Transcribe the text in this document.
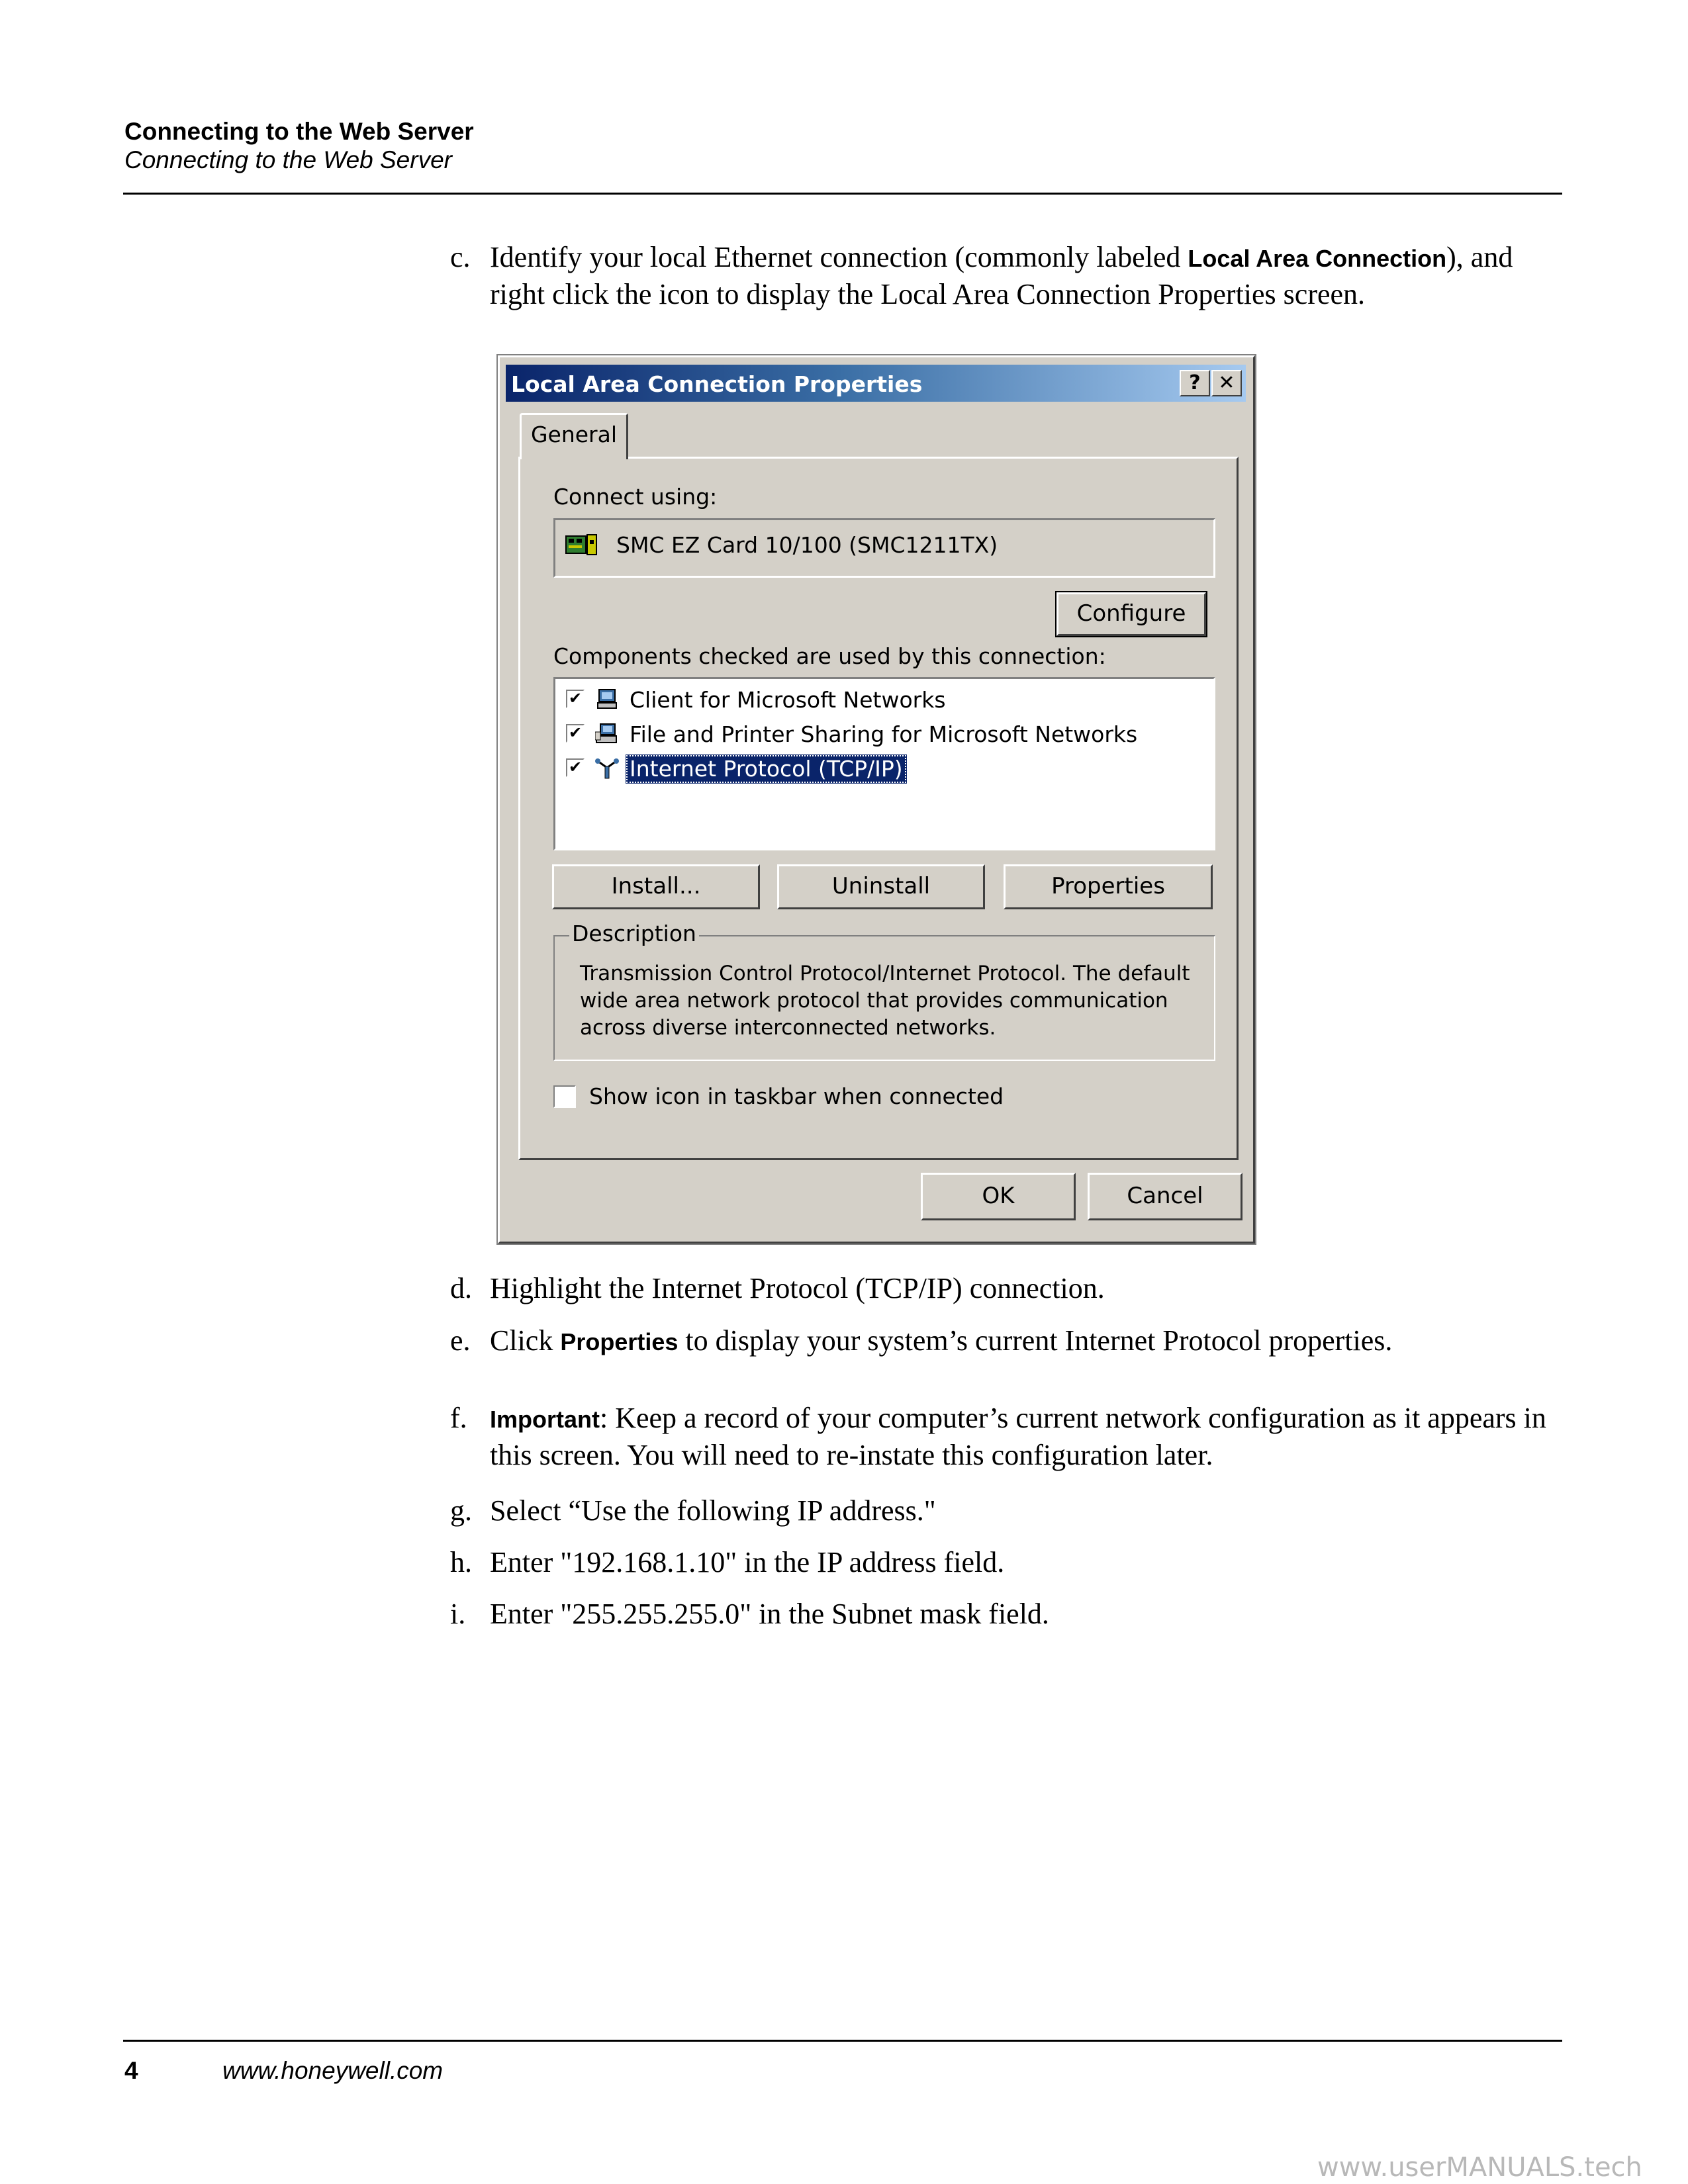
Connecting to the Web Server
Connecting to the Web Server
c. Identify your local Ethernet connection (commonly labeled Local Area Connection), and right click the icon to display the Local Area Connection Properties screen.
Local Area Connection Properties	? ✕
General
Connect using:
SMC EZ Card 10/100 (SMC1211TX)
Configure
Components checked are used by this connection:
✔ Client for Microsoft Networks
✔ File and Printer Sharing for Microsoft Networks
✔ Internet Protocol (TCP/IP)
Install...	Uninstall	Properties
Description
Transmission Control Protocol/Internet Protocol. The default wide area network protocol that provides communication across diverse interconnected networks.
Show icon in taskbar when connected
OK	Cancel
d. Highlight the Internet Protocol (TCP/IP) connection.
e. Click Properties to display your system’s current Internet Protocol properties.
f. Important: Keep a record of your computer’s current network configuration as it appears in this screen. You will need to re-instate this configuration later.
g. Select “Use the following IP address."
h. Enter "192.168.1.10" in the IP address field.
i. Enter "255.255.255.0" in the Subnet mask field.
4	www.honeywell.com
www.userMANUALS.tech
